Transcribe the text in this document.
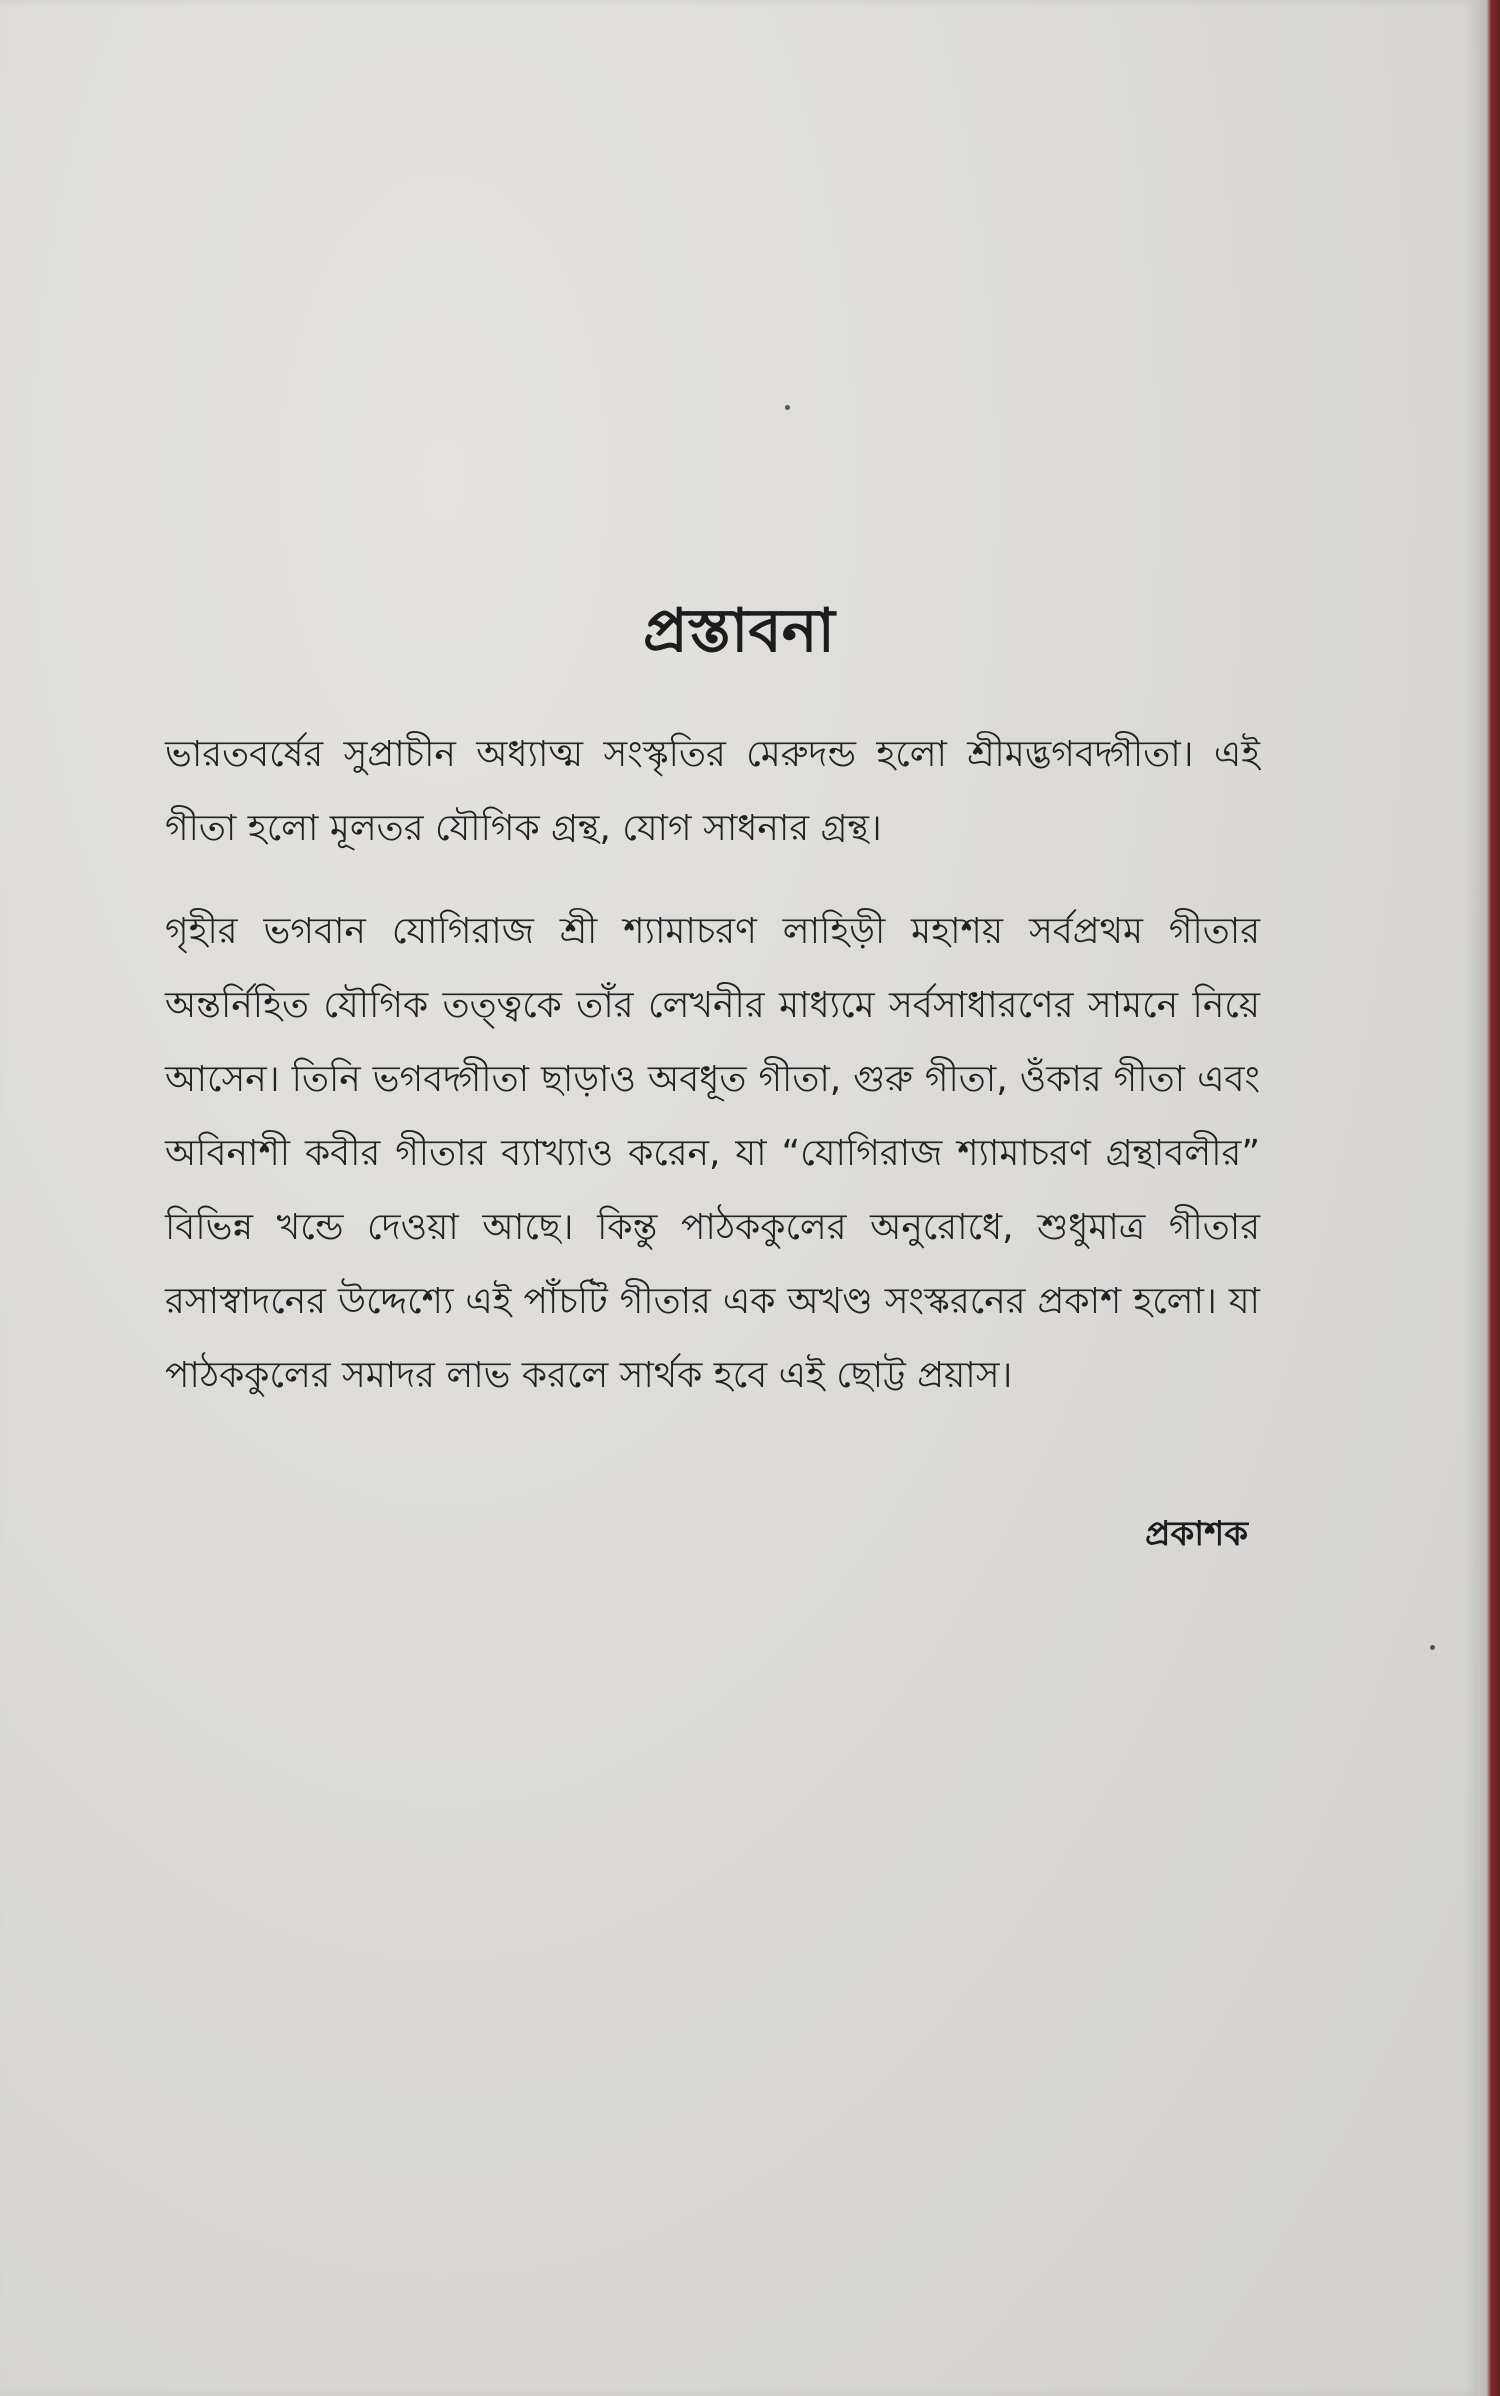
প্রস্তাবনা
ভারতবর্ষের সুপ্রাচীন অধ্যাত্ম সংস্কৃতির মেরুদন্ড হলো শ্রীমদ্ভগবদ্গীতা। এই গীতা হলো মূলতর যৌগিক গ্রন্থ, যোগ সাধনার গ্রন্থ।
গৃহীর ভগবান যোগিরাজ শ্রী শ্যামাচরণ লাহিড়ী মহাশয় সর্বপ্রথম গীতার অন্তর্নিহিত যৌগিক তত্ত্বকে তাঁর লেখনীর মাধ্যমে সর্বসাধারণের সামনে নিয়ে আসেন। তিনি ভগবদ্গীতা ছাড়াও অবধূত গীতা, গুরু গীতা, ওঁকার গীতা এবং অবিনাশী কবীর গীতার ব্যাখ্যাও করেন, যা “যোগিরাজ শ্যামাচরণ গ্রন্থাবলীর” বিভিন্ন খন্ডে দেওয়া আছে। কিন্তু পাঠককুলের অনুরোধে, শুধুমাত্র গীতার রসাস্বাদনের উদ্দেশ্যে এই পাঁচটি গীতার এক অখণ্ড সংস্করনের প্রকাশ হলো। যা পাঠককুলের সমাদর লাভ করলে সার্থক হবে এই ছোট্ট প্রয়াস।
প্রকাশক
